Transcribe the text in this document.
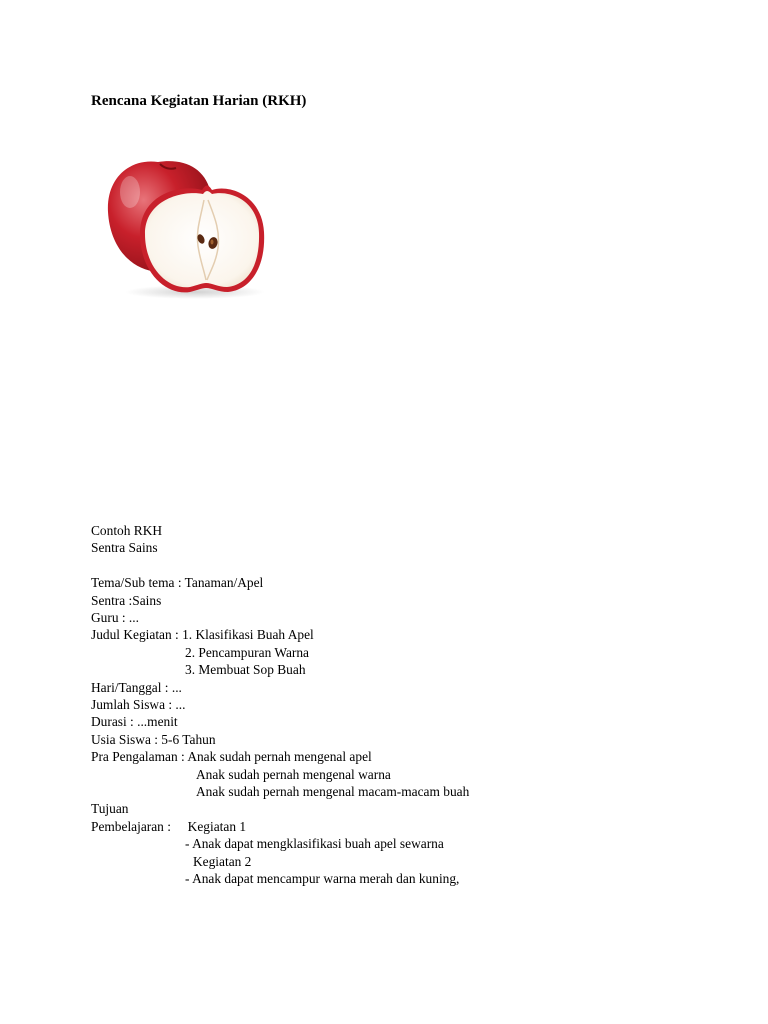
Rencana Kegiatan Harian (RKH)
Contoh RKH
Sentra Sains
Tema/Sub tema : Tanaman/Apel
Sentra :Sains
Guru : ...
Judul Kegiatan : 1. Klasifikasi Buah Apel
2. Pencampuran Warna
3. Membuat Sop Buah
Hari/Tanggal : ...
Jumlah Siswa : ...
Durasi : ...menit
Usia Siswa : 5-6 Tahun
Pra Pengalaman : Anak sudah pernah mengenal apel
Anak sudah pernah mengenal warna
Anak sudah pernah mengenal macam-macam buah
Tujuan
Pembelajaran :     Kegiatan 1
- Anak dapat mengklasifikasi buah apel sewarna
Kegiatan 2
- Anak dapat mencampur warna merah dan kuning,
